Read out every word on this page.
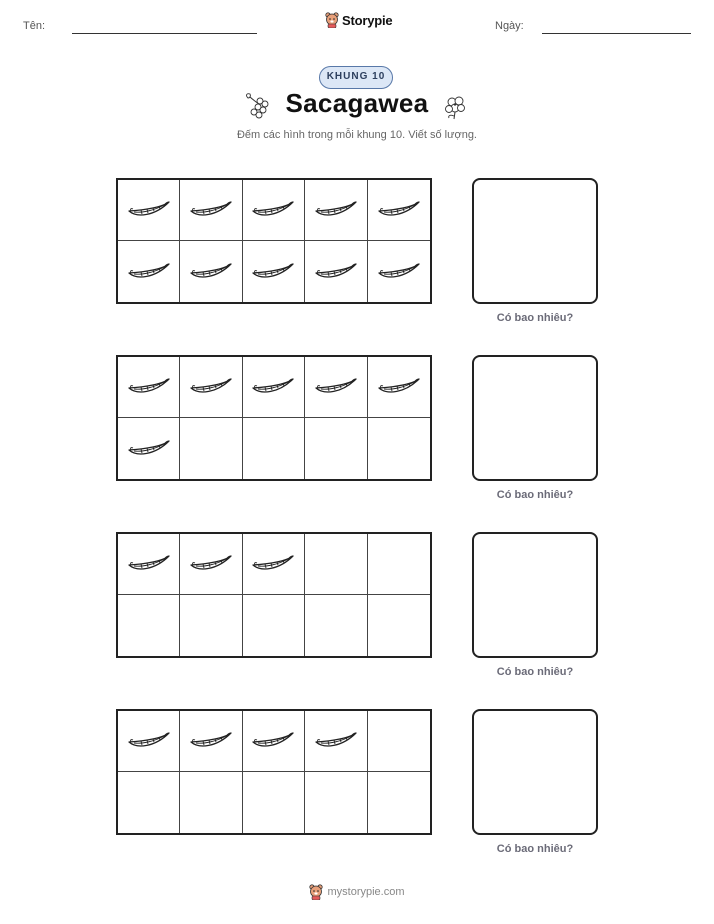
Tên:	Storypie	Ngày:
KHUNG 10
Sacagawea
Đếm các hình trong mỗi khung 10. Viết số lượng.
Có bao nhiêu?
Có bao nhiêu?
Có bao nhiêu?
Có bao nhiêu?
mystorypie.com
